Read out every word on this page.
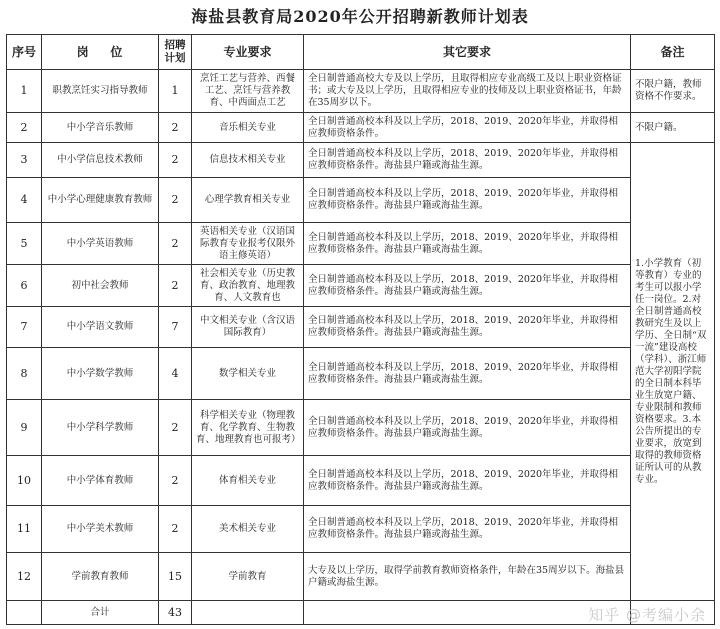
海盐县教育局2020年公开招聘新教师计划表
序号	岗    位	招聘计划	专业要求	其它要求	备注	
1	职教烹饪实习指导教师	1	烹饪工艺与营养、西餐工艺、烹饪与营养教育、中西面点工艺	全日制普通高校大专及以上学历，且取得相应专业高级工及以上职业资格证书；或大专及以上学历，且取得相应专业的技师及以上职业资格证书，年龄在35周岁以下。	不限户籍，教师资格不作要求。	
2	中小学音乐教师	2	音乐相关专业	全日制普通高校本科及以上学历，2018、2019、2020年毕业，并取得相应教师资格条件。	不限户籍。	
3	中小学信息技术教师	2	信息技术相关专业	全日制普通高校本科及以上学历，2018、2019、2020年毕业，并取得相应教师资格条件。海盐县户籍或海盐生源。	1.小学教育（初等教育）专业的考生可以报小学任一岗位。2.对全日制普通高校教研究生及以上学历、全日制“双一流”建设高校（学科）、浙江师范大学初阳学院的全日制本科毕业生放宽户籍、专业限制和教师资格要求。3.本公告所提出的专业要求，放宽到取得的教师资格证所认可的从教专业。	
4	中小学心理健康教育教师	2	心理学教育相关专业	全日制普通高校本科及以上学历，2018、2019、2020年毕业，并取得相应教师资格条件。海盐县户籍或海盐生源。		
5	中小学英语教师	2	英语相关专业（汉语国际教育专业报考仅限外语主修英语）	全日制普通高校本科及以上学历，2018、2019、2020年毕业，并取得相应教师资格条件。海盐县户籍或海盐生源。		
6	初中社会教师	2	社会相关专业（历史教育、政治教育、地理教育、人文教育也	全日制普通高校本科及以上学历，2018、2019、2020年毕业，并取得相应教师资格条件。海盐县户籍或海盐生源。		
7	中小学语文教师	7	中文相关专业（含汉语国际教育）	全日制普通高校本科及以上学历，2018、2019、2020年毕业，并取得相应教师资格条件。海盐县户籍或海盐生源。		
8	中小学数学教师	4	数学相关专业	全日制普通高校本科及以上学历，2018、2019、2020年毕业，并取得相应教师资格条件。海盐县户籍或海盐生源。		
9	中小学科学教师	2	科学相关专业（物理教育、化学教育、生物教育、地理教育也可报考）	全日制普通高校本科及以上学历，2018、2019、2020年毕业，并取得相应教师资格条件。海盐县户籍或海盐生源。		
10	中小学体育教师	2	体育相关专业	全日制普通高校本科及以上学历，2018、2019、2020年毕业，并取得相应教师资格条件。海盐县户籍或海盐生源。		
11	中小学美术教师	2	美术相关专业	全日制普通高校本科及以上学历，2018、2019、2020年毕业，并取得相应教师资格条件。海盐县户籍或海盐生源。		
12	学前教育教师	15	学前教育	大专及以上学历，取得学前教育教师资格条件，年龄在35周岁以下。海盐县户籍或海盐生源。		
	合计	43					知乎 @考编小余
